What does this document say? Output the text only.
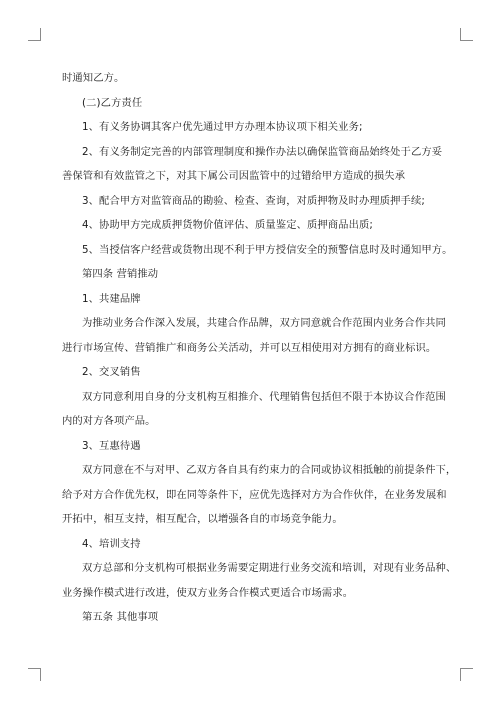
时通知乙方。

(二)乙方责任

1、有义务协调其客户优先通过甲方办理本协议项下相关业务;

2、有义务制定完善的内部管理制度和操作办法以确保监管商品始终处于乙方妥

善保管和有效监管之下，对其下属公司因监管中的过错给甲方造成的损失承

3、配合甲方对监管商品的勘验、检查、查询，对质押物及时办理质押手续;

4、协助甲方完成质押货物价值评估、质量鉴定、质押商品出质;

5、当授信客户经营或货物出现不利于甲方授信安全的预警信息时及时通知甲方。

第四条 营销推动

1、共建品牌

为推动业务合作深入发展，共建合作品牌，双方同意就合作范围内业务合作共同

进行市场宣传、营销推广和商务公关活动，并可以互相使用对方拥有的商业标识。

2、交叉销售

双方同意利用自身的分支机构互相推介、代理销售包括但不限于本协议合作范围

内的对方各项产品。

3、互惠待遇

双方同意在不与对甲、乙双方各自具有约束力的合同或协议相抵触的前提条件下，

给予对方合作优先权，即在同等条件下，应优先选择对方为合作伙伴，在业务发展和

开拓中，相互支持，相互配合，以增强各自的市场竞争能力。

4、培训支持

双方总部和分支机构可根据业务需要定期进行业务交流和培训，对现有业务品种、

业务操作模式进行改进，使双方业务合作模式更适合市场需求。

第五条 其他事项
